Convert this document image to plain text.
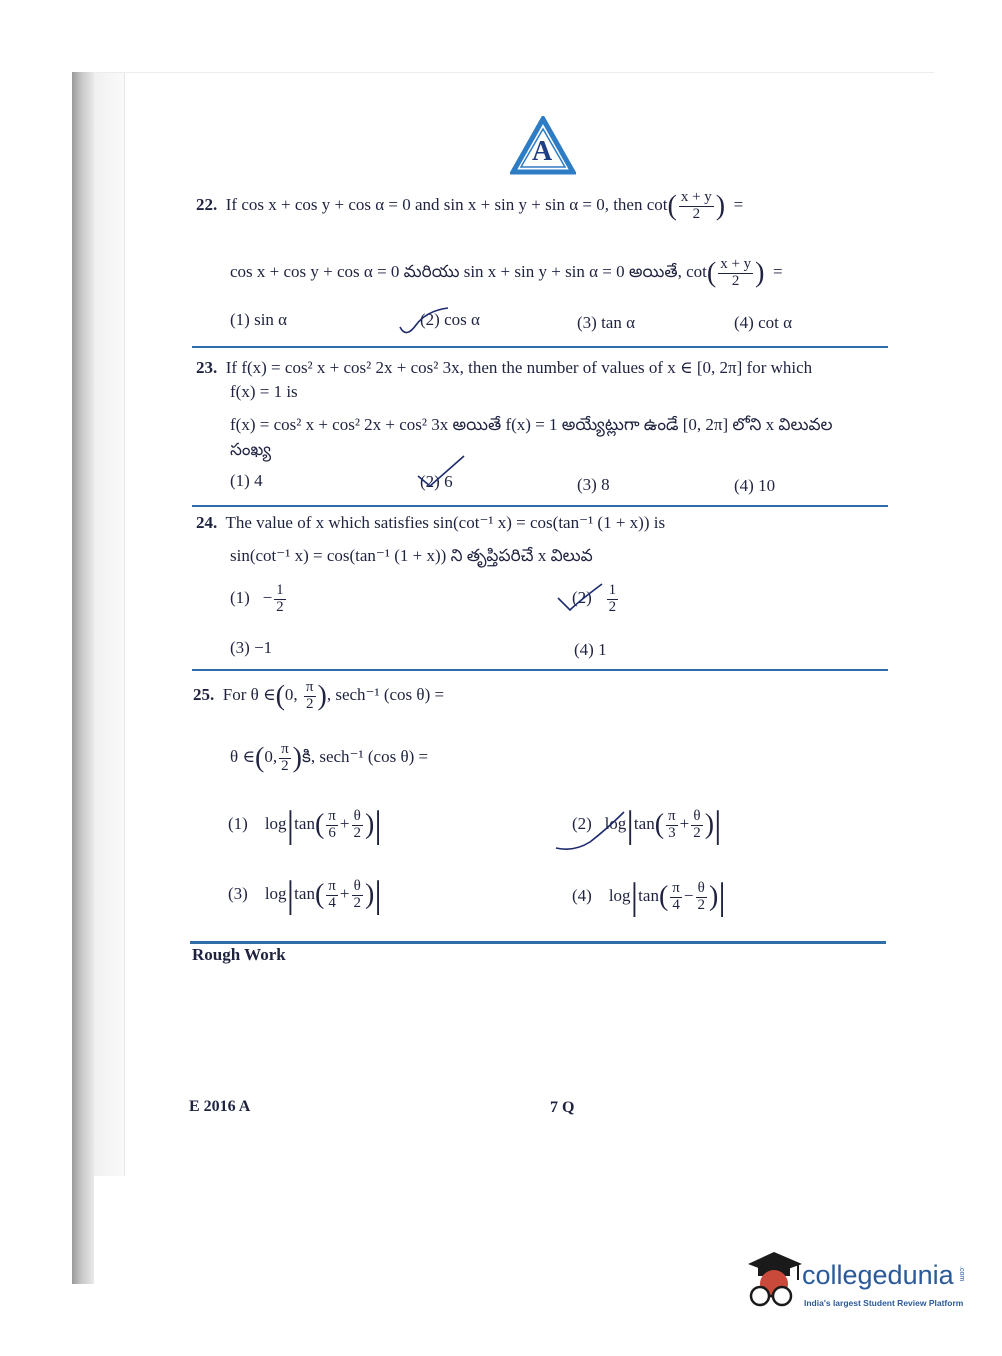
A
22. If cos x + cos y + cos α = 0 and sin x + sin y + sin α = 0, then $\cot( \frac{x + y}{2}$ ) =
cos x + cos y + cos α = 0 మరియు sin x + sin y + sin α = 0 అయితే, $\cot( \frac{x + y}{2}$ ) =
(1) sin α	(2) cos α	(3) tan α	(4) cot α
23. If f(x) = cos² x + cos² 2x + cos² 3x, then the number of values of x ∈ [0, 2π] for which
f(x) = 1 is
f(x) = cos² x + cos² 2x + cos² 3x అయితే f(x) = 1 అయ్యేట్లుగా ఉండే [0, 2π] లోని x విలువల
సంఖ్య
(1) 4	(2) 6	(3) 8	(4) 10
24. The value of x which satisfies sin(cot⁻¹ x) = cos(tan⁻¹ (1 + x)) is
sin(cot⁻¹ x) = cos(tan⁻¹ (1 + x)) ని తృప్తిపరిచే x విలువ
$(1) - \frac{1}{2}$	$(2) \frac{1}{2}$
(3) −1	(4) 1
25. For θ ∈(0, $\frac{\pi}{2}$ ), sech⁻¹ (cos θ) =
θ ∈(0, $\frac{\pi}{2}$ )కి, sech⁻¹ (cos θ) =
(1) $\log|\tan( \frac{\pi}{6} + \frac{\theta}{2}$ )|	(2) $\log|\tan( \frac{\pi}{3} + \frac{\theta}{2}$ )|
(3) $\log|\tan( \frac{\pi}{4} + \frac{\theta}{2}$ )|	(4) $\log|\tan( \frac{\pi}{4} - \frac{\theta}{2}$ )|
Rough Work
E 2016 A	7 Q
collegedunia .com
India's largest Student Review Platform
